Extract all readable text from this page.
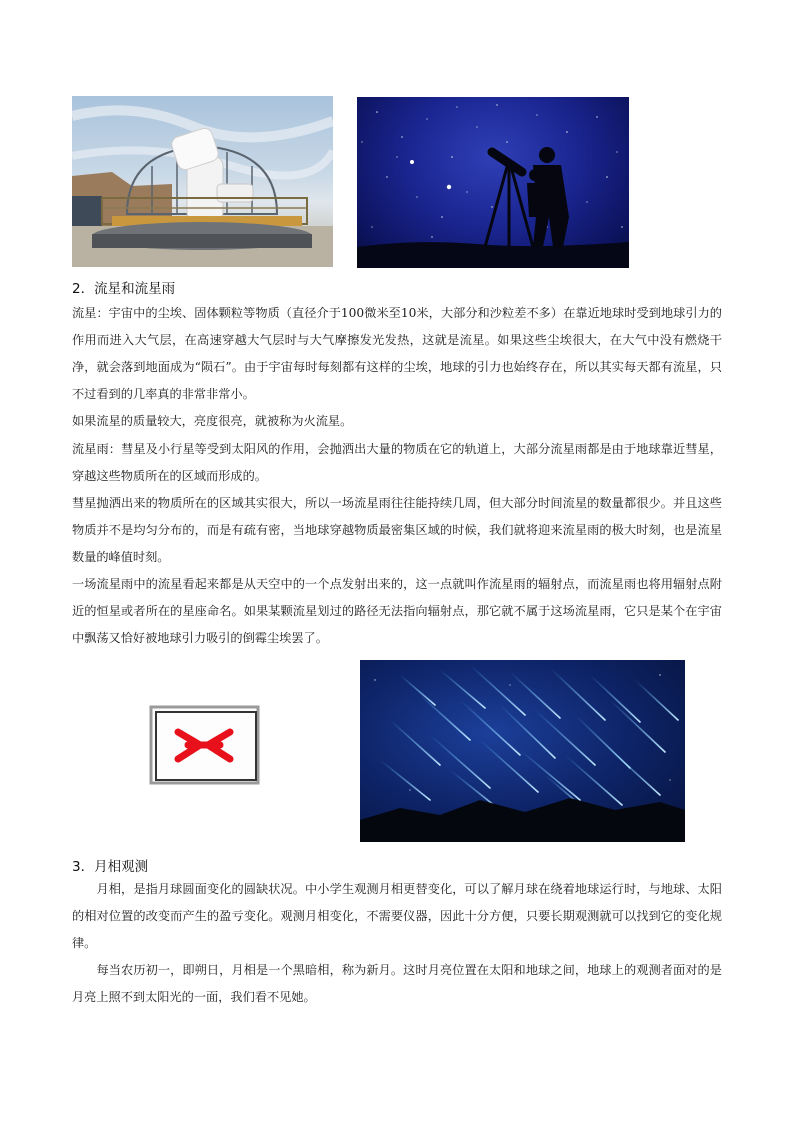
2．流星和流星雨
流星：宇宙中的尘埃、固体颗粒等物质（直径介于100微米至10米，大部分和沙粒差不多）在靠近地球时受到地球引力的作用而进入大气层，在高速穿越大气层时与大气摩擦发光发热，这就是流星。如果这些尘埃很大，在大气中没有燃烧干净，就会落到地面成为“陨石”。由于宇宙每时每刻都有这样的尘埃，地球的引力也始终存在，所以其实每天都有流星，只不过看到的几率真的非常非常小。
如果流星的质量较大，亮度很亮，就被称为火流星。
流星雨：彗星及小行星等受到太阳风的作用，会抛洒出大量的物质在它的轨道上，大部分流星雨都是由于地球靠近彗星，穿越这些物质所在的区域而形成的。
彗星抛洒出来的物质所在的区域其实很大，所以一场流星雨往往能持续几周，但大部分时间流星的数量都很少。并且这些物质并不是均匀分布的，而是有疏有密，当地球穿越物质最密集区域的时候，我们就将迎来流星雨的极大时刻，也是流星数量的峰值时刻。
一场流星雨中的流星看起来都是从天空中的一个点发射出来的，这一点就叫作流星雨的辐射点，而流星雨也将用辐射点附近的恒星或者所在的星座命名。如果某颗流星划过的路径无法指向辐射点，那它就不属于这场流星雨，它只是某个在宇宙中飘荡又恰好被地球引力吸引的倒霉尘埃罢了。
3．月相观测
　　月相，是指月球圆面变化的圆缺状况。中小学生观测月相更替变化，可以了解月球在绕着地球运行时，与地球、太阳的相对位置的改变而产生的盈亏变化。观测月相变化，不需要仪器，因此十分方便，只要长期观测就可以找到它的变化规律。
　　每当农历初一，即朔日，月相是一个黑暗相，称为新月。这时月亮位置在太阳和地球之间，地球上的观测者面对的是月亮上照不到太阳光的一面，我们看不见她。
